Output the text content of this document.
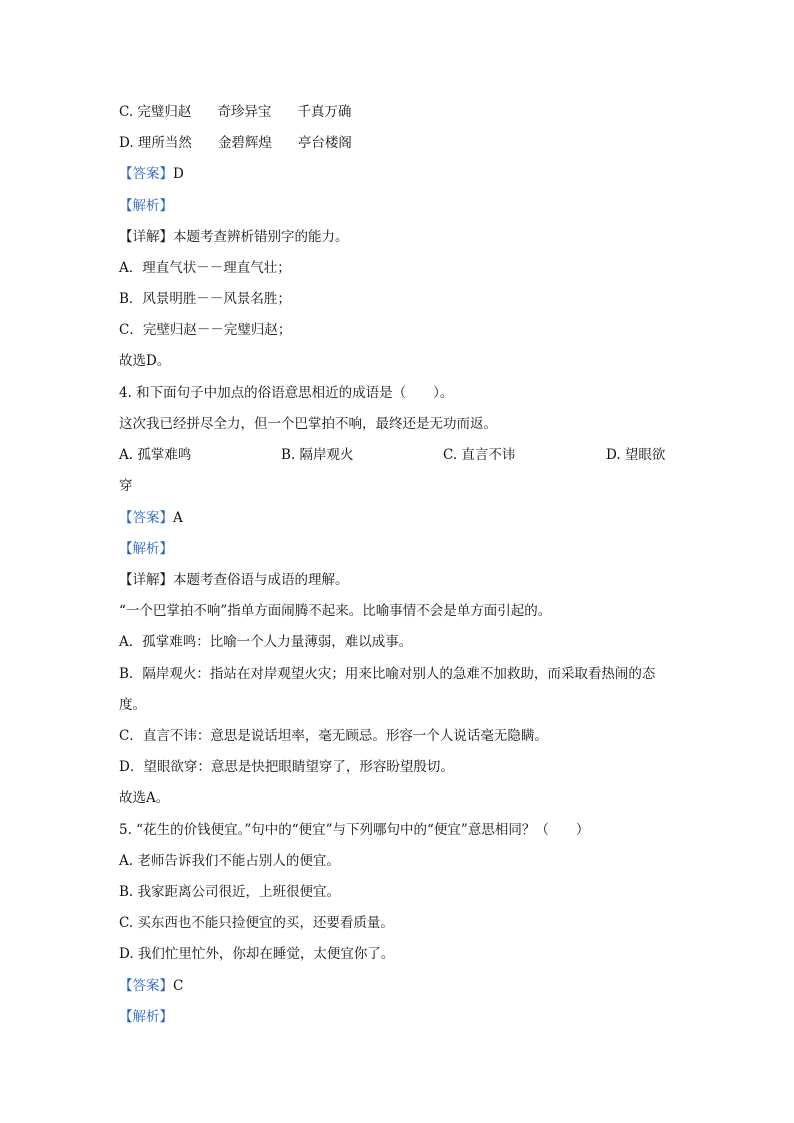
C. 完璧归赵 奇珍异宝 千真万确
D. 理所当然 金碧辉煌 亭台楼阁
【答案】D
【解析】
【详解】本题考查辨析错别字的能力。
A．理直气状－－理直气壮；
B．风景明胜－－风景名胜；
C．完壁归赵－－完璧归赵；
故选D。
4. 和下面句子中加点的俗语意思相近的成语是（　　）。
这次我已经拼尽全力，但一个巴掌拍不响，最终还是无功而返。
A. 孤掌难鸣	B. 隔岸观火	C. 直言不讳	D. 望眼欲
穿
【答案】A
【解析】
【详解】本题考查俗语与成语的理解。
“一个巴掌拍不响”指单方面闹腾不起来。比喻事情不会是单方面引起的。
A．孤掌难鸣：比喻一个人力量薄弱，难以成事。
B．隔岸观火：指站在对岸观望火灾；用来比喻对别人的急难不加救助，而采取看热闹的态
度。
C．直言不讳：意思是说话坦率，毫无顾忌。形容一个人说话毫无隐瞒。
D．望眼欲穿：意思是快把眼睛望穿了，形容盼望殷切。
故选A。
5. “花生的价钱便宜。”句中的“便宜”与下列哪句中的“便宜”意思相同？（　　）
A. 老师告诉我们不能占别人的便宜。
B. 我家距离公司很近，上班很便宜。
C. 买东西也不能只捡便宜的买，还要看质量。
D. 我们忙里忙外，你却在睡觉，太便宜你了。
【答案】C
【解析】
